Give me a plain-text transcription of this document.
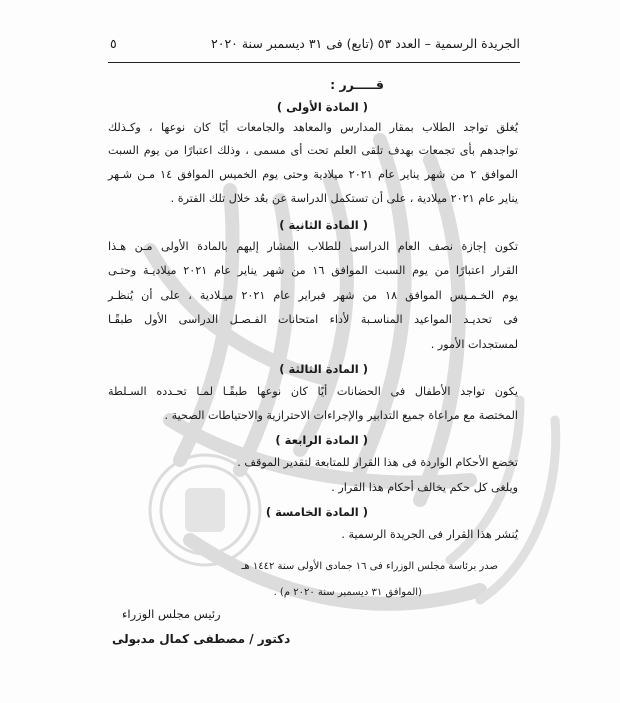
الجريدة الرسمية – العدد ٥٣ (تابع) فى ٣١ ديسمبر سنة ٢٠٢٠
٥
قـــــرر :
( المادة الأولى )
يُغلق تواجد الطلاب بمقار المدارس والمعاهد والجامعات أيًا كان نوعها ، وكـذلك
تواجدهم بأى تجمعات بهدف تلقى العلم تحت أى مسمى ، وذلك اعتبارًا من يوم السبت
الموافق ٢ من شهر يناير عام ٢٠٢١ ميلادية وحتى يوم الخميس الموافق ١٤ مـن شـهر
يناير عام ٢٠٢١ ميلادية ، على أن تستكمل الدراسة عن بعُد خلال تلك الفترة .
( المادة الثانية )
تكون إجازة نصف العام الدراسى للطلاب المشار إليهم بالمادة الأولى مـن هـذا
القرار اعتبارًا من يوم السبت الموافق ١٦ من شهر يناير عام ٢٠٢١ ميلاديـة وحتـى
يوم الخـمـيس الموافق ١٨ من شهر فبراير عام ٢٠٢١ ميـلادية ، على أن يُنظـر
فى تحديـد المواعيد المناسـبة لأداء امتحانات الفـصـل الدراسى الأول طبقًـا
لمستجدات الأمور .
( المادة الثالثة )
يكون تواجد الأطفال فى الحضانات أيًا كان نوعها طبقًـا لمـا تحـدده السـلطة
المختصة مع مراعاة جميع التدابير والإجراءات الاحترازية والاحتياطات الصحية .
( المادة الرابعة )
تخضع الأحكام الواردة فى هذا القرار للمتابعة لتقدير الموقف .
ويلغى كل حكم يخالف أحكام هذا القرار .
( المادة الخامسة )
يُنشر هذا القرار فى الجريدة الرسمية .
صدر برئاسة مجلس الوزراء فى ١٦ جمادى الأولى سنة ١٤٤٢ هـ
(الموافق ٣١ ديسمبر سنة ٢٠٢٠ م) .
رئيس مجلس الوزراء
دكتور / مصطفى كمال مدبولى
